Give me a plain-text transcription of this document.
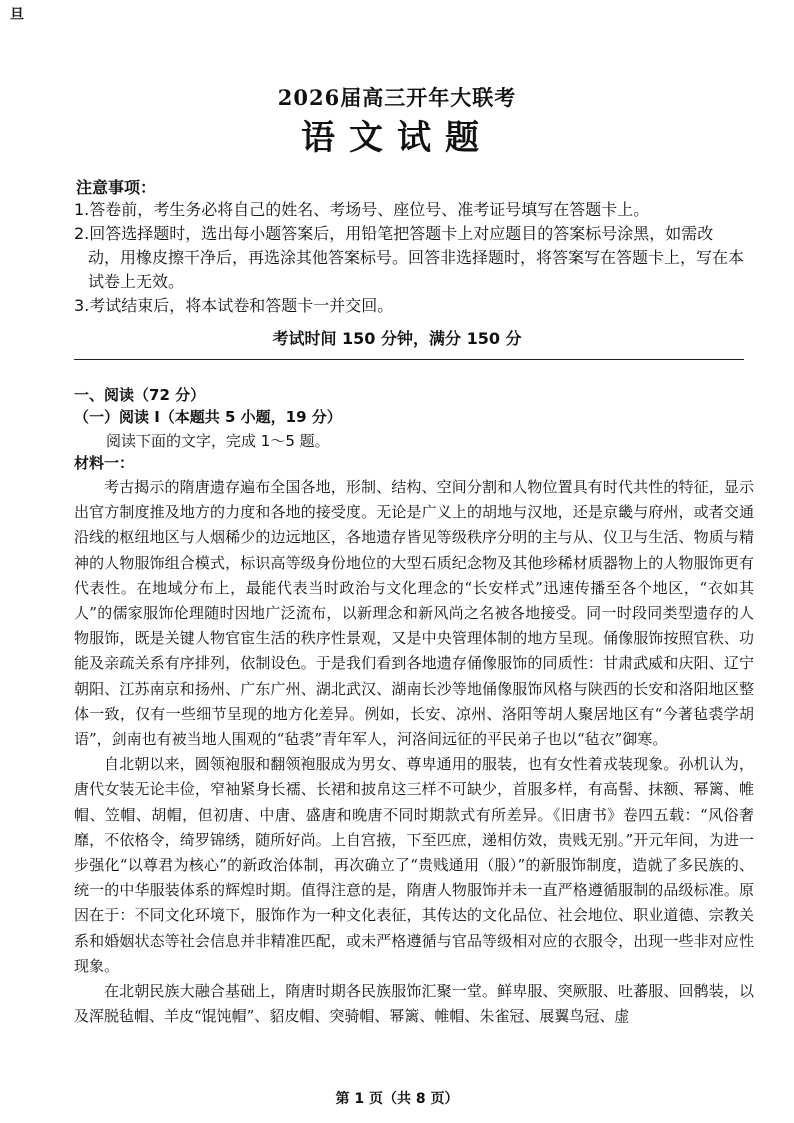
旦
2026届高三开年大联考
语文试题
注意事项：
1.答卷前，考生务必将自己的姓名、考场号、座位号、准考证号填写在答题卡上。
2.回答选择题时，选出每小题答案后，用铅笔把答题卡上对应题目的答案标号涂黑，如需改动，用橡皮擦干净后，再选涂其他答案标号。回答非选择题时，将答案写在答题卡上，写在本试卷上无效。
3.考试结束后，将本试卷和答题卡一并交回。
考试时间 150 分钟，满分 150 分
一、阅读（72 分）
（一）阅读 I（本题共 5 小题，19 分）
阅读下面的文字，完成 1～5 题。
材料一：

考古揭示的隋唐遗存遍布全国各地，形制、结构、空间分割和人物位置具有时代共性的特征，显示出官方制度推及地方的力度和各地的接受度。无论是广义上的胡地与汉地，还是京畿与府州，或者交通沿线的枢纽地区与人烟稀少的边远地区，各地遗存皆见等级秩序分明的主与从、仪卫与生活、物质与精神的人物服饰组合模式，标识高等级身份地位的大型石质纪念物及其他珍稀材质器物上的人物服饰更有代表性。在地域分布上，最能代表当时政治与文化理念的“长安样式”迅速传播至各个地区，“衣如其人”的儒家服饰伦理随时因地广泛流布，以新理念和新风尚之名被各地接受。同一时段同类型遗存的人物服饰，既是关键人物官宦生活的秩序性景观，又是中央管理体制的地方呈现。俑像服饰按照官秩、功能及亲疏关系有序排列，依制设色。于是我们看到各地遗存俑像服饰的同质性：甘肃武威和庆阳、辽宁朝阳、江苏南京和扬州、广东广州、湖北武汉、湖南长沙等地俑像服饰风格与陕西的长安和洛阳地区整体一致，仅有一些细节呈现的地方化差异。例如，长安、凉州、洛阳等胡人聚居地区有“今著毡裘学胡语”，剑南也有被当地人围观的“毡裘”青年军人，河洛间远征的平民弟子也以“毡衣”御寒。

自北朝以来，圆领袍服和翻领袍服成为男女、尊卑通用的服装，也有女性着戎装现象。孙机认为，唐代女装无论丰俭，窄袖紧身长襦、长裙和披帛这三样不可缺少，首服多样，有高髻、抹额、幂篱、帷帽、笠帽、胡帽，但初唐、中唐、盛唐和晚唐不同时期款式有所差异。《旧唐书》卷四五载：“风俗奢靡，不依格令，绮罗锦绣，随所好尚。上自宫掖，下至匹庶，递相仿效，贵贱无别。”开元年间，为进一步强化“以尊君为核心”的新政治体制，再次确立了“贵贱通用（服）”的新服饰制度，造就了多民族的、统一的中华服装体系的辉煌时期。值得注意的是，隋唐人物服饰并未一直严格遵循服制的品级标准。原因在于：不同文化环境下，服饰作为一种文化表征，其传达的文化品位、社会地位、职业道德、宗教关系和婚姻状态等社会信息并非精准匹配，或未严格遵循与官品等级相对应的衣服令，出现一些非对应性现象。

在北朝民族大融合基础上，隋唐时期各民族服饰汇聚一堂。鲜卑服、突厥服、吐蕃服、回鹘装，以及浑脱毡帽、羊皮“馄饨帽”、貂皮帽、突骑帽、幂篱、帷帽、朱雀冠、展翼鸟冠、虚

第 1 页（共 8 页）
